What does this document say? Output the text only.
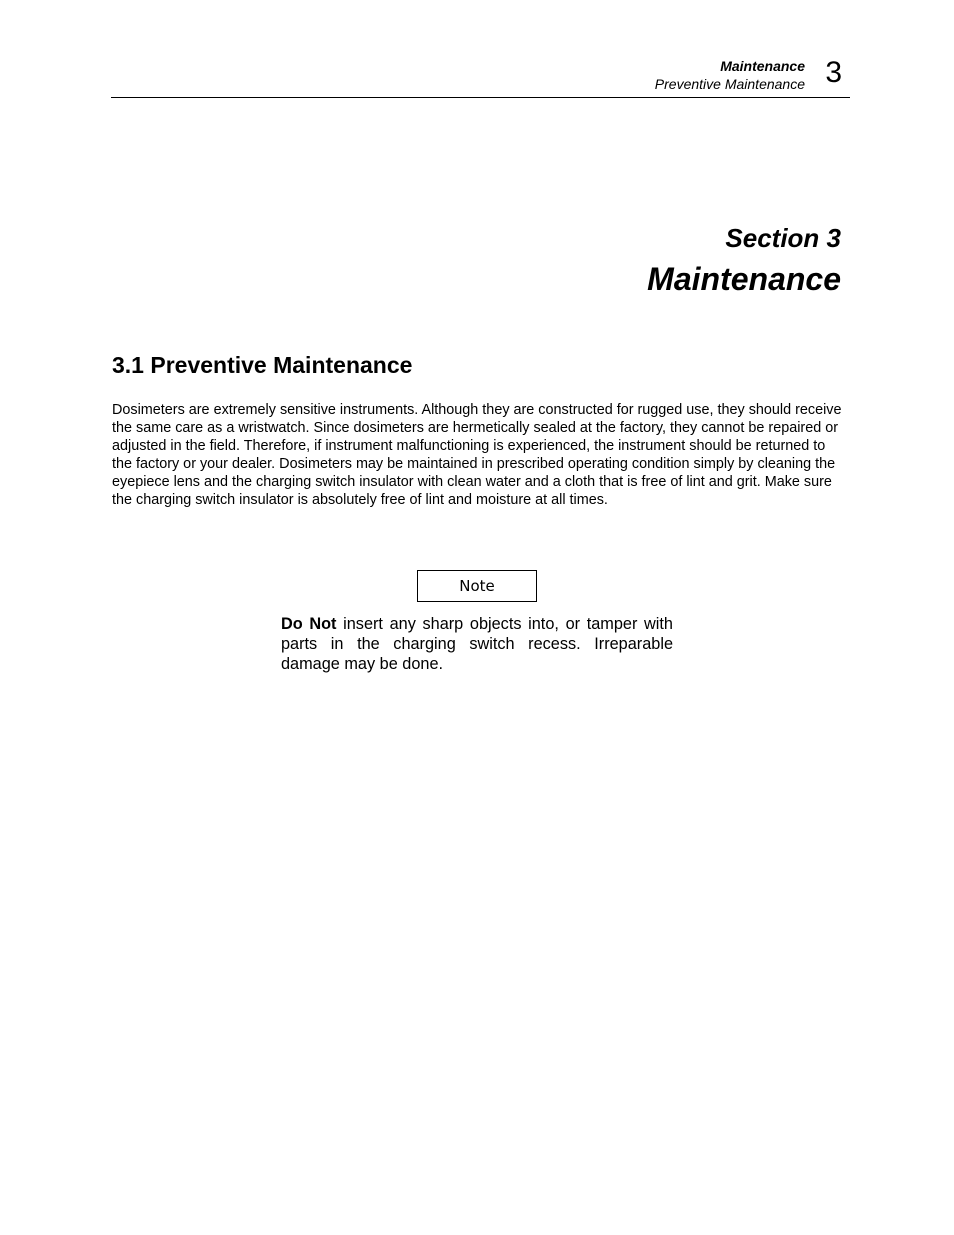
Maintenance
Preventive Maintenance 3
Section 3
Maintenance
3.1 Preventive Maintenance

Dosimeters are extremely sensitive instruments. Although they are constructed for rugged use, they should receive the same care as a wristwatch. Since dosimeters are hermetically sealed at the factory, they cannot be repaired or adjusted in the field. Therefore, if instrument malfunctioning is experienced, the instrument should be returned to the factory or your dealer. Dosimeters may be maintained in prescribed operating condition simply by cleaning the eyepiece lens and the charging switch insulator with clean water and a cloth that is free of lint and grit. Make sure the charging switch insulator is absolutely free of lint and moisture at all times.

Note

Do Not insert any sharp objects into, or tamper with parts in the charging switch recess. Irreparable damage may be done.
